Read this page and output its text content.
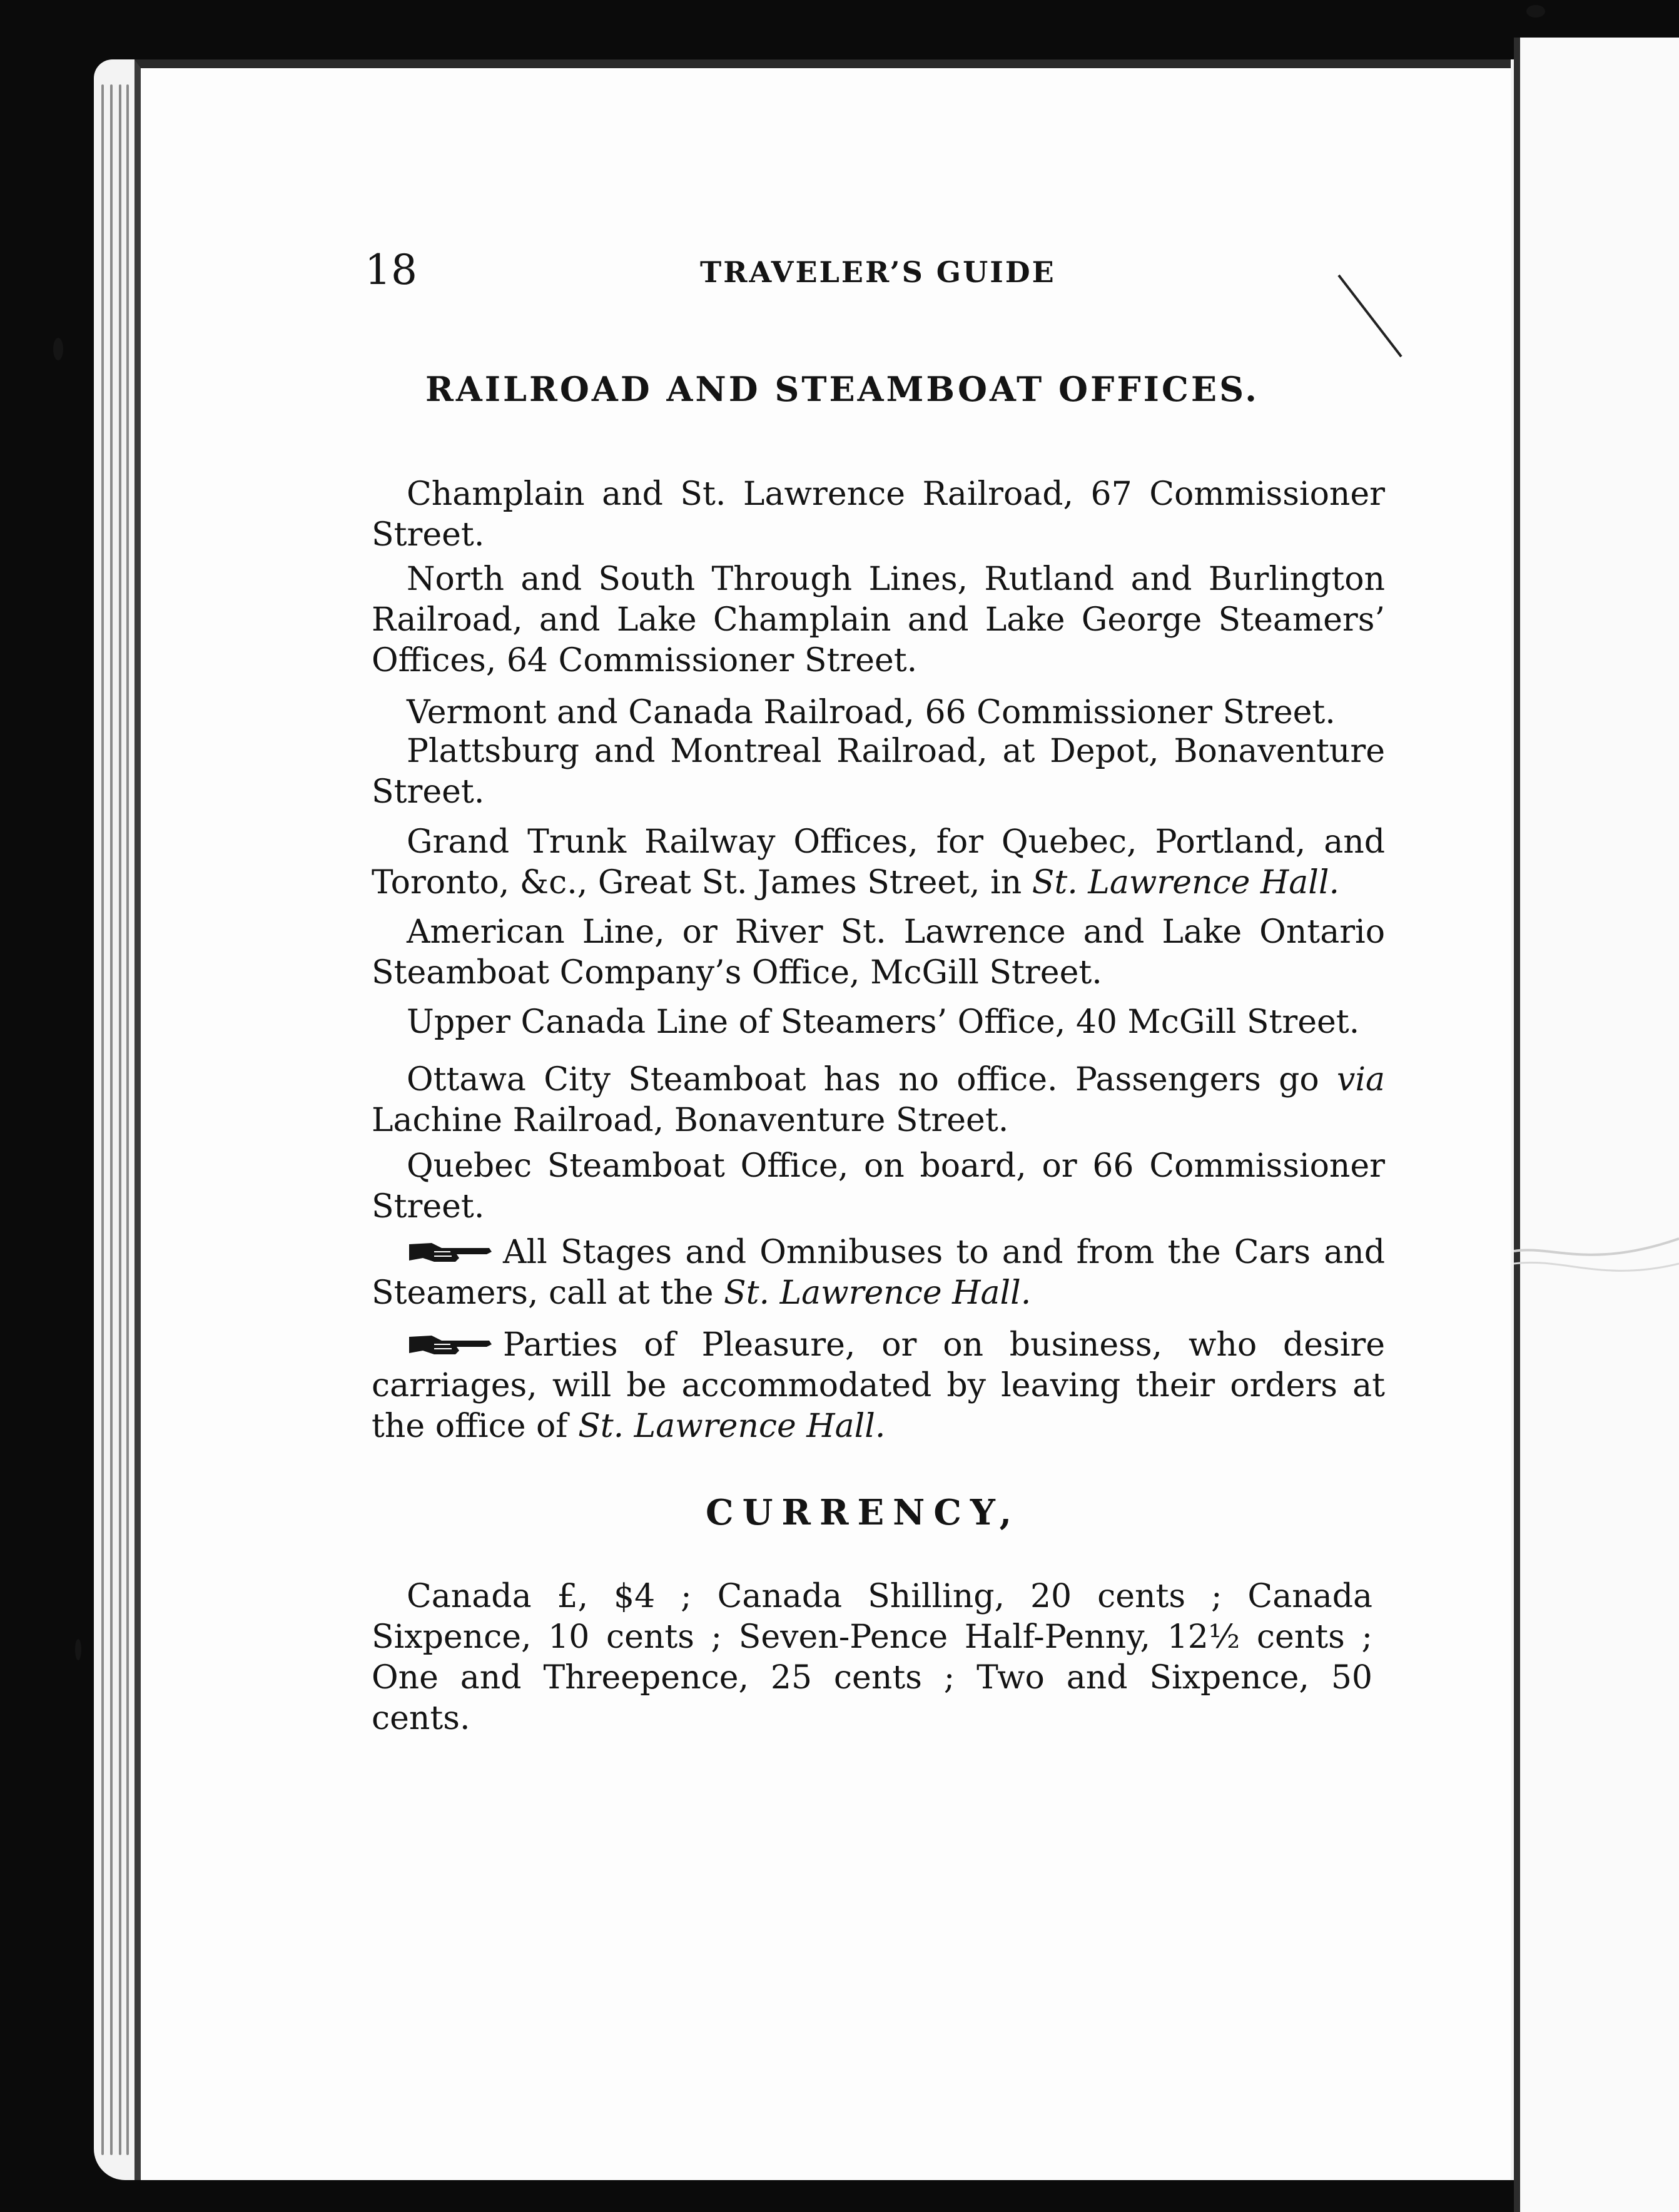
18	TRAVELER’S GUIDE
RAILROAD AND STEAMBOAT OFFICES.

Champlain and St. Lawrence Railroad, 67 Commissioner Street.

North and South Through Lines, Rutland and Burlington Railroad, and Lake Champlain and Lake George Steamers’ Offices, 64 Commissioner Street.

Vermont and Canada Railroad, 66 Commissioner Street.

Plattsburg and Montreal Railroad, at Depot, Bonaventure Street.

Grand Trunk Railway Offices, for Quebec, Portland, and Toronto, &c., Great St. James Street, in St. Lawrence Hall.

American Line, or River St. Lawrence and Lake Ontario Steamboat Company’s Office, McGill Street.

Upper Canada Line of Steamers’ Office, 40 McGill Street.

Ottawa City Steamboat has no office. Passengers go via Lachine Railroad, Bonaventure Street.

Quebec Steamboat Office, on board, or 66 Commissioner Street.

All Stages and Omnibuses to and from the Cars and Steamers, call at the St. Lawrence Hall.

Parties of Pleasure, or on business, who desire carriages, will be accommodated by leaving their orders at the office of St. Lawrence Hall.

CURRENCY,

Canada £, $4 ; Canada Shilling, 20 cents ; Canada Sixpence, 10 cents ; Seven-Pence Half-Penny, 12½ cents ; One and Threepence, 25 cents ; Two and Sixpence, 50 cents.
